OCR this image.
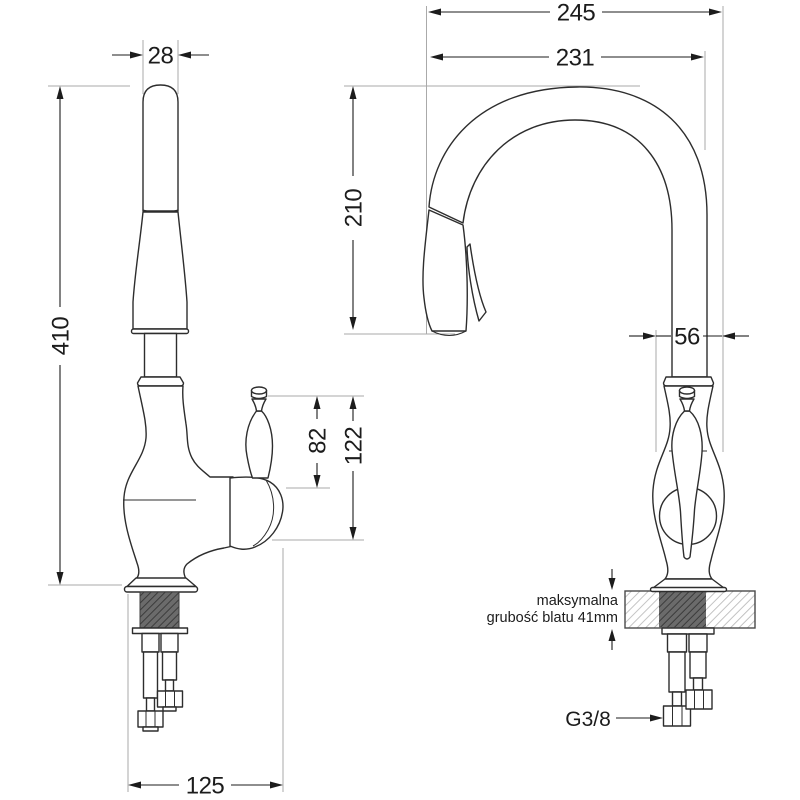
28
410
82 122
125
245
231
210
56
maksymalna
grubość blatu 41mm
G3/8
